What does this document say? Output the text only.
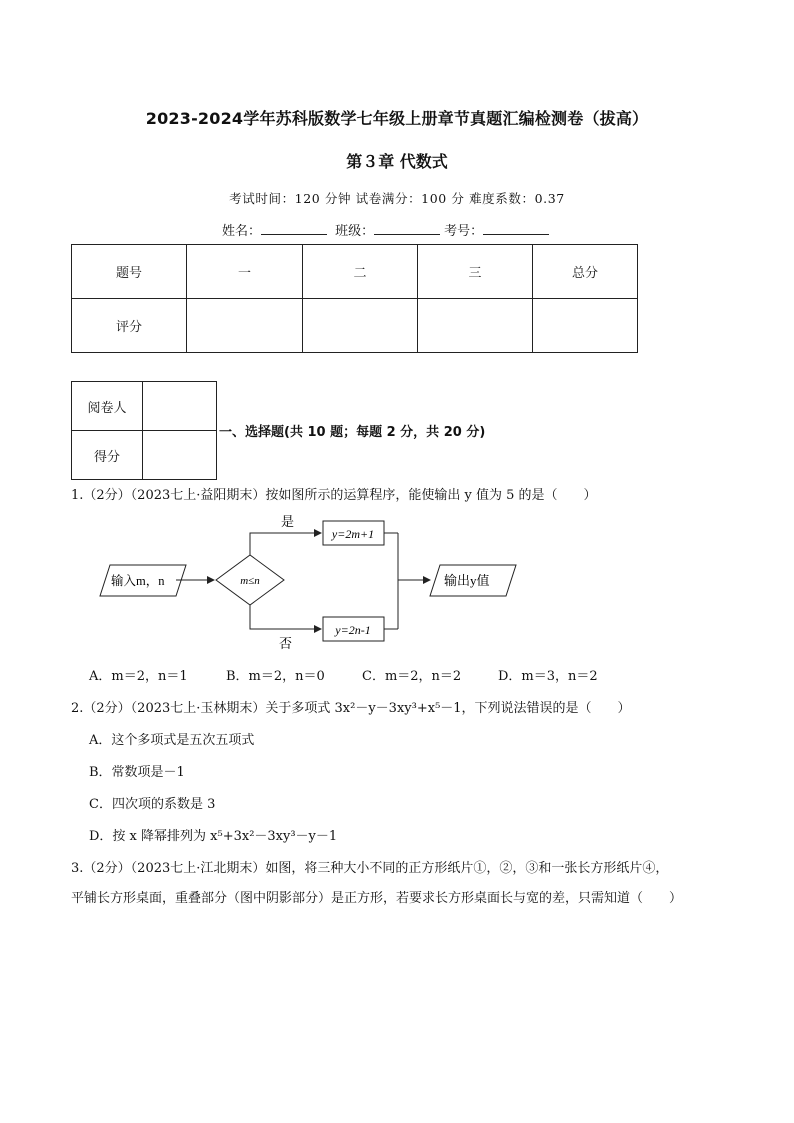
2023-2024学年苏科版数学七年级上册章节真题汇编检测卷（拔高）
第３章 代数式
考试时间：120 分钟 试卷满分：100 分 难度系数：0.37
姓名：	班级：	考号：
题号	一	二	三	总分
评分				
阅卷人	
得分	
一、选择题(共 10 题；每题 2 分，共 20 分)
1.（2分）（2023七上·益阳期末）按如图所示的运算程序，能使输出 y 值为 5 的是（　　）
输入m，n	m≤n
是
y=2m+1
否
y=2n-1
输出y值
A．m＝2，n＝1	B．m＝2，n＝0	C．m＝2，n＝2	D．m＝3，n＝2
2.（2分）（2023七上·玉林期末）关于多项式 3x²－y－3xy³+x⁵－1，下列说法错误的是（　　）
A．这个多项式是五次五项式
B．常数项是－1
C．四次项的系数是 3
D．按 x 降幂排列为 x⁵+3x²－3xy³－y－1
3.（2分）（2023七上·江北期末）如图，将三种大小不同的正方形纸片①，②，③和一张长方形纸片④，
平铺长方形桌面，重叠部分（图中阴影部分）是正方形，若要求长方形桌面长与宽的差，只需知道（　　）
